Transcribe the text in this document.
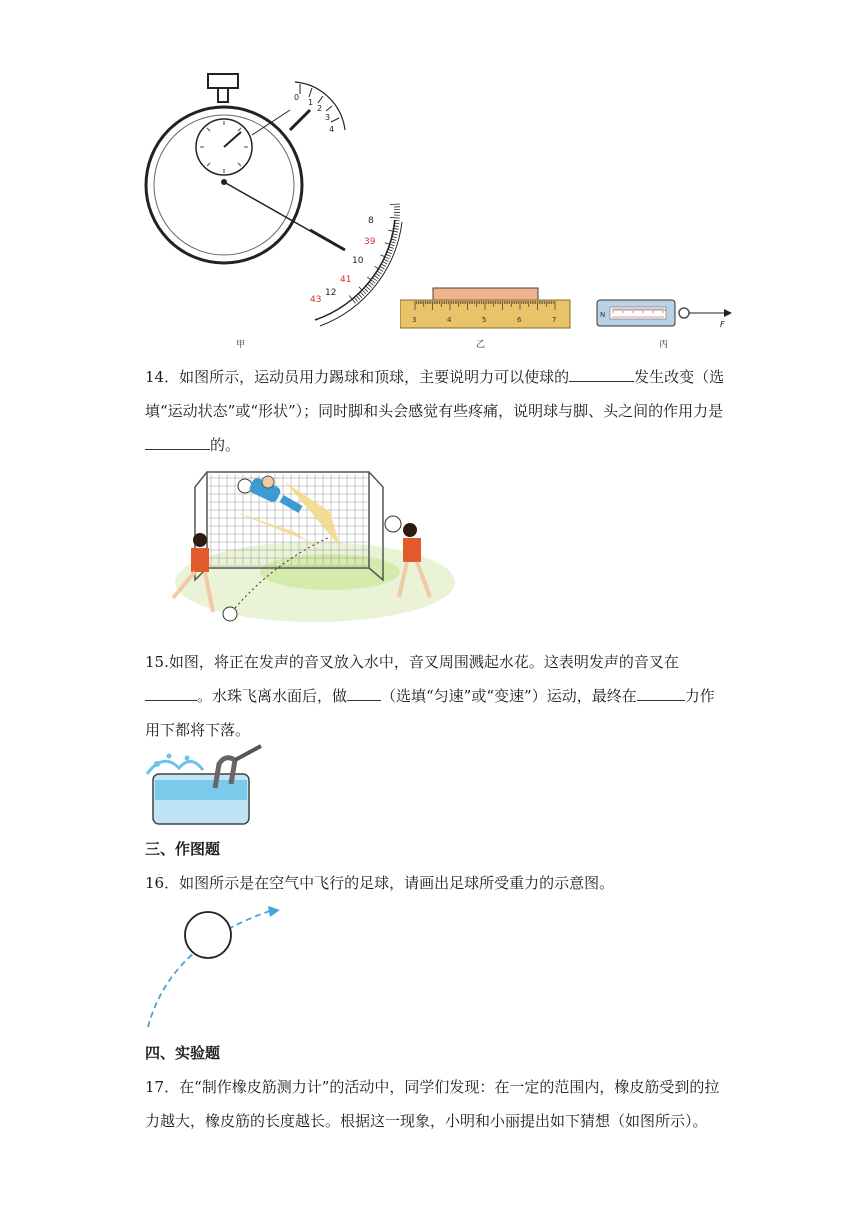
0
1
2
3
4
8
39
10
41
12
43
甲
3	4	5	6	7
乙
N
F
丙
14．如图所示，运动员用力踢球和顶球，主要说明力可以使球的	发生改变（选填“运动状态”或“形状”）；同时脚和头会感觉有些疼痛，说明球与脚、头之间的作用力是的。
15.如图，将正在发声的音叉放入水中，音叉周围溅起水花。这表明发声的音叉在。水珠飞离水面后，做 （选填“匀速”或“变速”）运动，最终在	力作用下都将下落。
三、作图题
16．如图所示是在空气中飞行的足球，请画出足球所受重力的示意图。
四、实验题
17．在“制作橡皮筋测力计”的活动中，同学们发现：在一定的范围内，橡皮筋受到的拉力越大，橡皮筋的长度越长。根据这一现象，小明和小丽提出如下猜想（如图所示）。
